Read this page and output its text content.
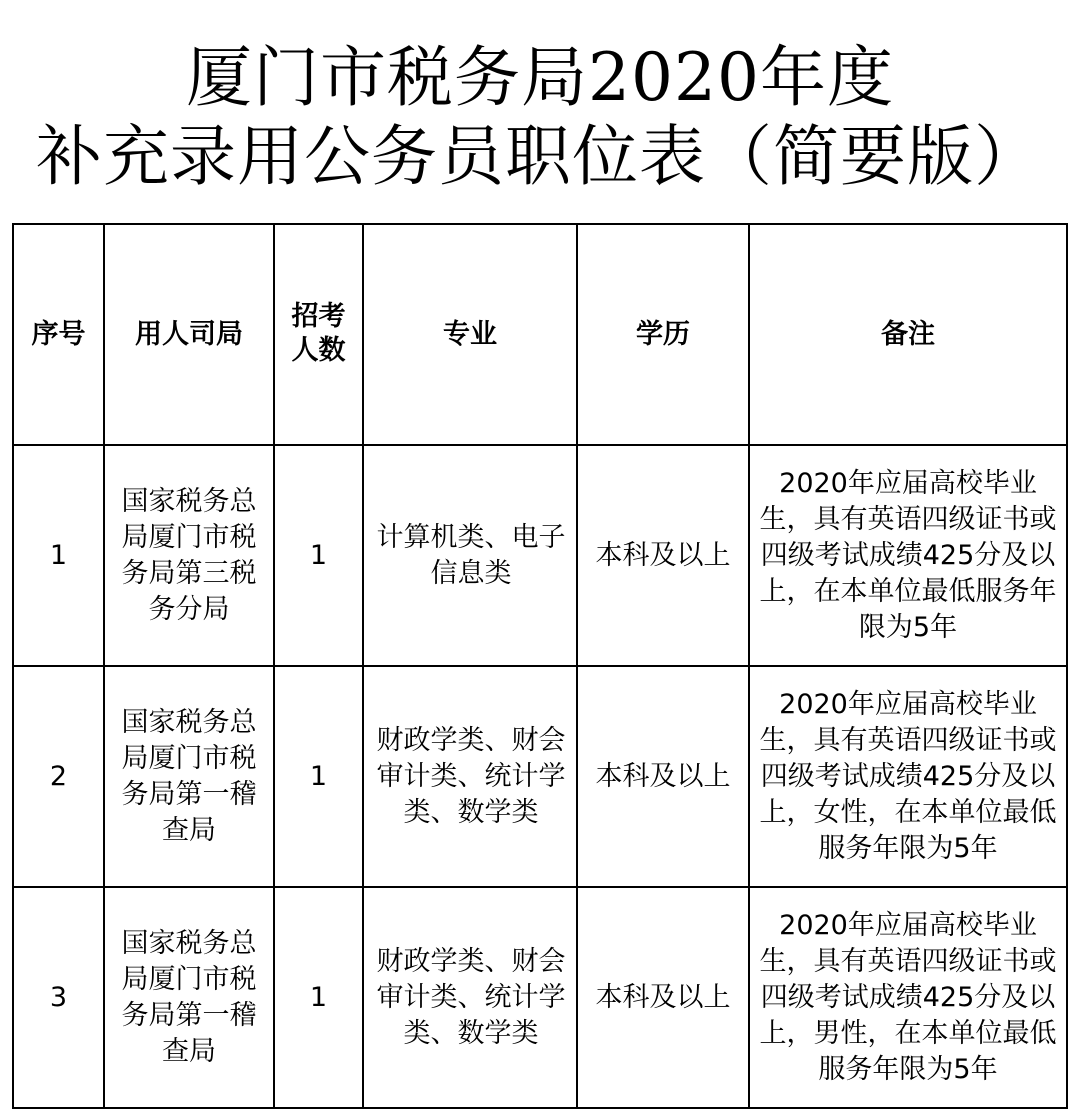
厦门市税务局2020年度
补充录用公务员职位表（简要版）
序号	用人司局	招考人数	专业	学历	备注
1	国家税务总局厦门市税务局第三税务分局	1	计算机类、电子信息类	本科及以上	2020年应届高校毕业生，具有英语四级证书或四级考试成绩425分及以上，在本单位最低服务年限为5年
2	国家税务总局厦门市税务局第一稽查局	1	财政学类、财会审计类、统计学类、数学类	本科及以上	2020年应届高校毕业生，具有英语四级证书或四级考试成绩425分及以上，女性，在本单位最低服务年限为5年
3	国家税务总局厦门市税务局第一稽查局	1	财政学类、财会审计类、统计学类、数学类	本科及以上	2020年应届高校毕业生，具有英语四级证书或四级考试成绩425分及以上，男性，在本单位最低服务年限为5年
